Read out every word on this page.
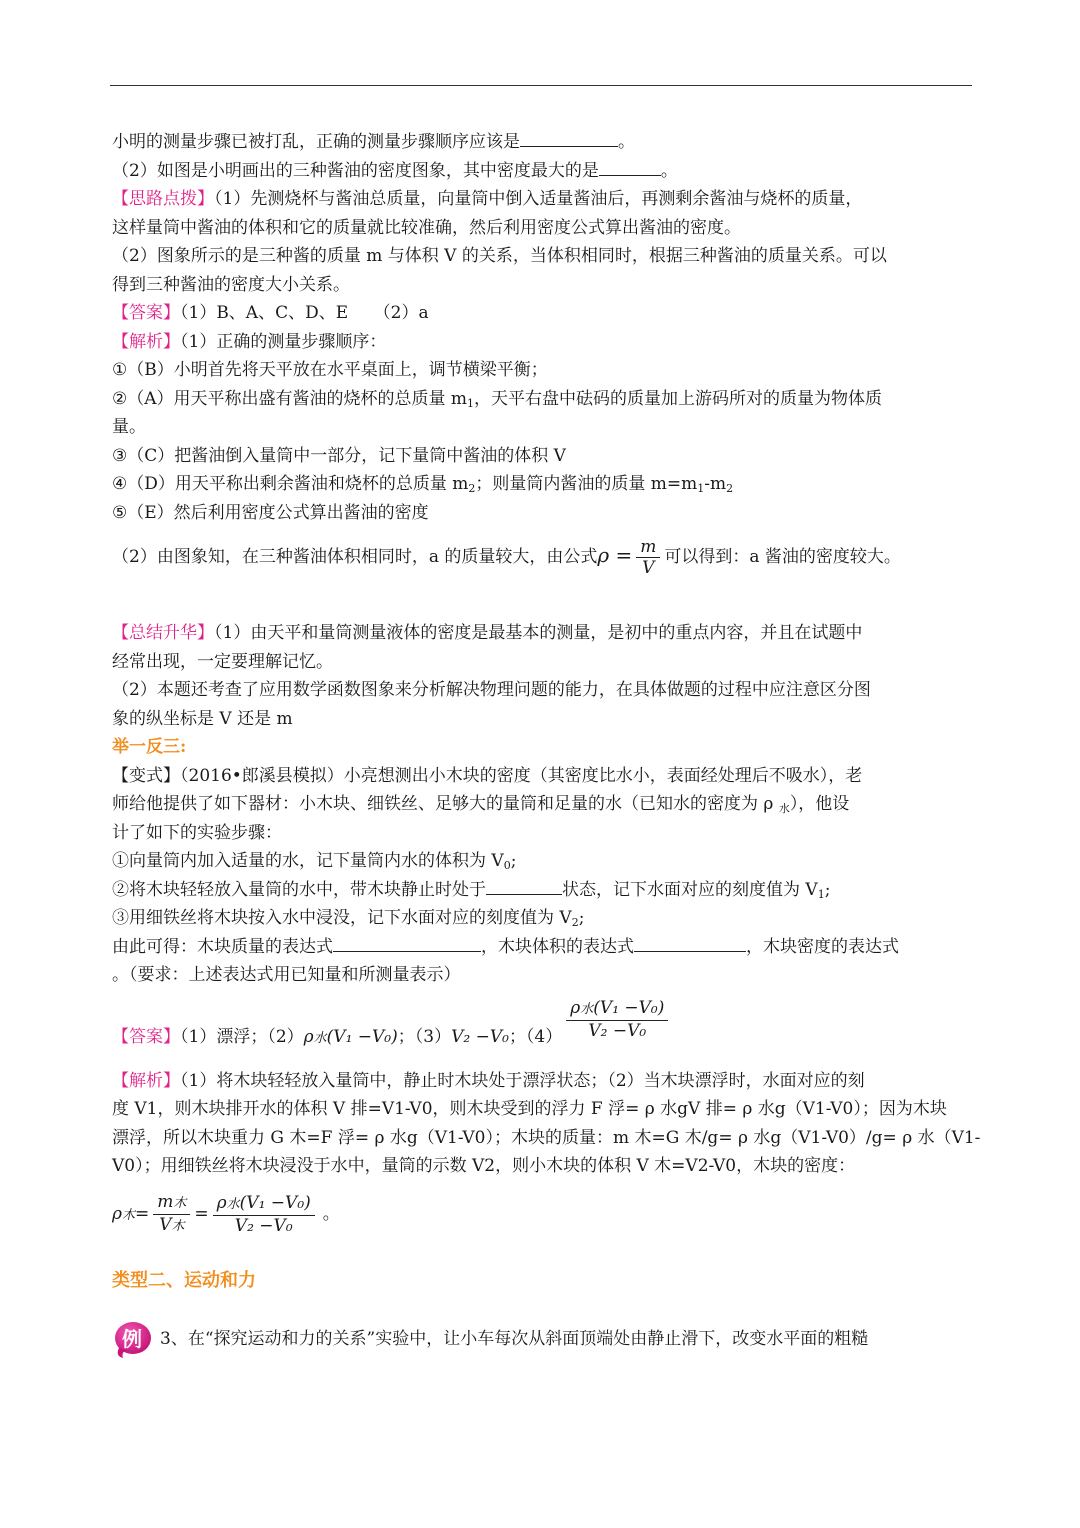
小明的测量步骤已被打乱，正确的测量步骤顺序应该是	。
（2）如图是小明画出的三种酱油的密度图象，其中密度最大的是	。
【思路点拨】（1）先测烧杯与酱油总质量，向量筒中倒入适量酱油后，再测剩余酱油与烧杯的质量，
这样量筒中酱油的体积和它的质量就比较准确，然后利用密度公式算出酱油的密度。
（2）图象所示的是三种酱的质量 m 与体积 V 的关系，当体积相同时，根据三种酱油的质量关系。可以
得到三种酱油的密度大小关系。
【答案】（1）B、A、C、D、E　　（2）a
【解析】（1）正确的测量步骤顺序：
①（B）小明首先将天平放在水平桌面上，调节横梁平衡；
②（A）用天平称出盛有酱油的烧杯的总质量 $m_1$，天平右盘中砝码的质量加上游码所对的质量为物体质
量。
③（C）把酱油倒入量筒中一部分，记下量筒中酱油的体积 V
④（D）用天平称出剩余酱油和烧杯的总质量 $m_2$；则量筒内酱油的质量 $m=m_1-m_2$
⑤（E）然后利用密度公式算出酱油的密度
（2）由图象知，在三种酱油体积相同时，a 的质量较大，由公式$\rho = \frac{m}{V}$ 可以得到：a 酱油的密度较大。
【总结升华】（1）由天平和量筒测量液体的密度是最基本的测量，是初中的重点内容，并且在试题中
经常出现，一定要理解记忆。
（2）本题还考查了应用数学函数图象来分析解决物理问题的能力，在具体做题的过程中应注意区分图
象的纵坐标是 V 还是 m
举一反三:
【变式】（2016•郎溪县模拟）小亮想测出小木块的密度（其密度比水小，表面经处理后不吸水），老
师给他提供了如下器材：小木块、细铁丝、足够大的量筒和足量的水（已知水的密度为 ρ $_水$），他设
计了如下的实验步骤：
①向量筒内加入适量的水，记下量筒内水的体积为 $V_0$;
②将木块轻轻放入量筒的水中，带木块静止时处于	状态，记下水面对应的刻度值为 $V_1$;
③用细铁丝将木块按入水中浸没，记下水面对应的刻度值为 $V_2$;
由此可得：木块质量的表达式	，木块体积的表达式	，木块密度的表达式
。（要求：上述表达式用已知量和所测量表示）
【答案】（1）漂浮；（2）ρ水(V₁ −V₀)；（3）V₂ −V₀；$(4) \frac{\text{ρ水(V₁ −V₀)}}{\text{V₂ −V₀}}$
【解析】（1）将木块轻轻放入量筒中，静止时木块处于漂浮状态；（2）当木块漂浮时，水面对应的刻
度 V1，则木块排开水的体积 V 排=V1-V0，则木块受到的浮力 F 浮= ρ 水gV 排= ρ 水g（V1-V0）；因为木块
漂浮，所以木块重力 G 木=F 浮= ρ 水g（V1-V0）；木块的质量：m 木=G 木/g= ρ 水g（V1-V0）/g= ρ 水（V1-
V0）；用细铁丝将木块浸没于水中，量筒的示数 V2，则小木块的体积 V 木=V2-V0，木块的密度：
ρ木= $\frac{\text{m木}}{\text{V木}} = \frac{\text{ρ水(V₁ −V₀)}}{\text{V₂ −V₀}}$ 。
类型二、运动和力
3、在“探究运动和力的关系”实验中，让小车每次从斜面顶端处由静止滑下，改变水平面的粗糙
例
